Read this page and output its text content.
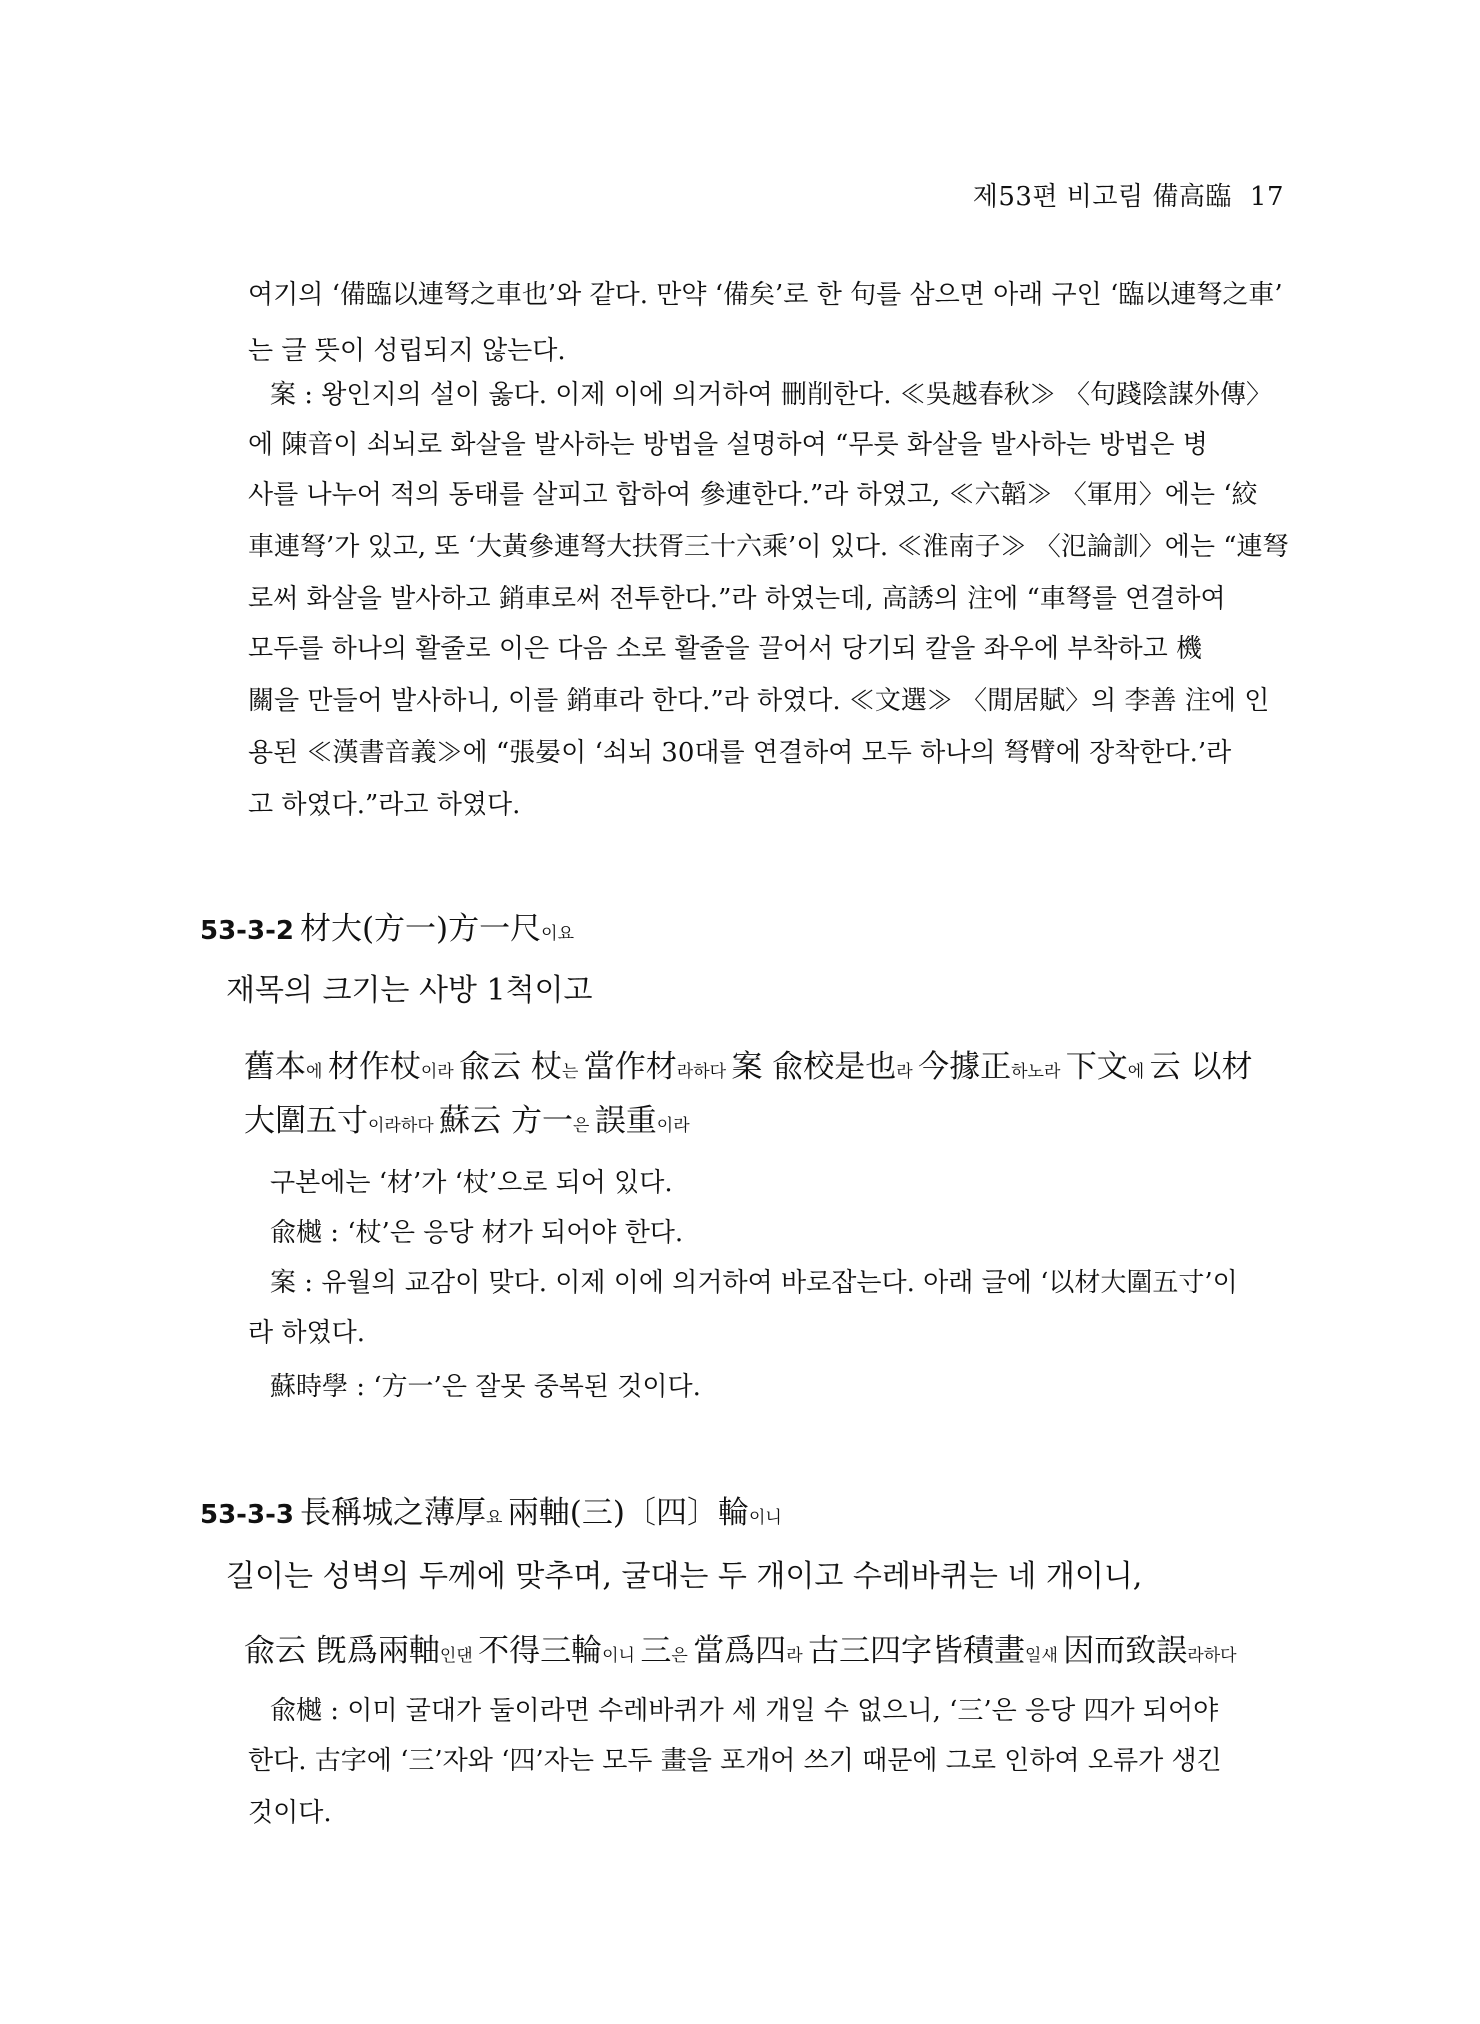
제53편 비고림 備高臨 17
여기의 ‘備臨以連弩之車也’와 같다. 만약 ‘備矣’로 한 句를 삼으면 아래 구인 ‘臨以連弩之車’
는 글 뜻이 성립되지 않는다.
案 : 왕인지의 설이 옳다. 이제 이에 의거하여 刪削한다. ≪吳越春秋≫ 〈句踐陰謀外傳〉
에 陳音이 쇠뇌로 화살을 발사하는 방법을 설명하여 “무릇 화살을 발사하는 방법은 병
사를 나누어 적의 동태를 살피고 합하여 參連한다.”라 하였고, ≪六韜≫ 〈軍用〉에는 ‘絞
車連弩’가 있고, 또 ‘大黃參連弩大扶胥三十六乘’이 있다. ≪淮南子≫ 〈氾論訓〉에는 “連弩
로써 화살을 발사하고 銷車로써 전투한다.”라 하였는데, 高誘의 注에 “車弩를 연결하여
모두를 하나의 활줄로 이은 다음 소로 활줄을 끌어서 당기되 칼을 좌우에 부착하고 機
關을 만들어 발사하니, 이를 銷車라 한다.”라 하였다. ≪文選≫ 〈閒居賦〉의 李善 注에 인
용된 ≪漢書音義≫에 “張晏이 ‘쇠뇌 30대를 연결하여 모두 하나의 弩臂에 장착한다.’라
고 하였다.”라고 하였다.
53-3-2 材大(方一)方一尺이요
재목의 크기는 사방 1척이고
舊本에 材作杖이라 兪云 杖는 當作材라하다 案 兪校是也라 今據正하노라 下文에 云 以材
大圍五寸이라하다 蘇云 方一은 誤重이라
구본에는 ‘材’가 ‘杖’으로 되어 있다.
兪樾 : ‘杖’은 응당 材가 되어야 한다.
案 : 유월의 교감이 맞다. 이제 이에 의거하여 바로잡는다. 아래 글에 ‘以材大圍五寸’이
라 하였다.
蘇時學 : ‘方一’은 잘못 중복된 것이다.
53-3-3 長稱城之薄厚요 兩軸(三)〔四〕輪이니
길이는 성벽의 두께에 맞추며, 굴대는 두 개이고 수레바퀴는 네 개이니,
兪云 旣爲兩軸인댄 不得三輪이니 三은 當爲四라 古三四字皆積畫일새 因而致誤라하다
兪樾 : 이미 굴대가 둘이라면 수레바퀴가 세 개일 수 없으니, ‘三’은 응당 四가 되어야
한다. 古字에 ‘三’자와 ‘四’자는 모두 畫을 포개어 쓰기 때문에 그로 인하여 오류가 생긴
것이다.
